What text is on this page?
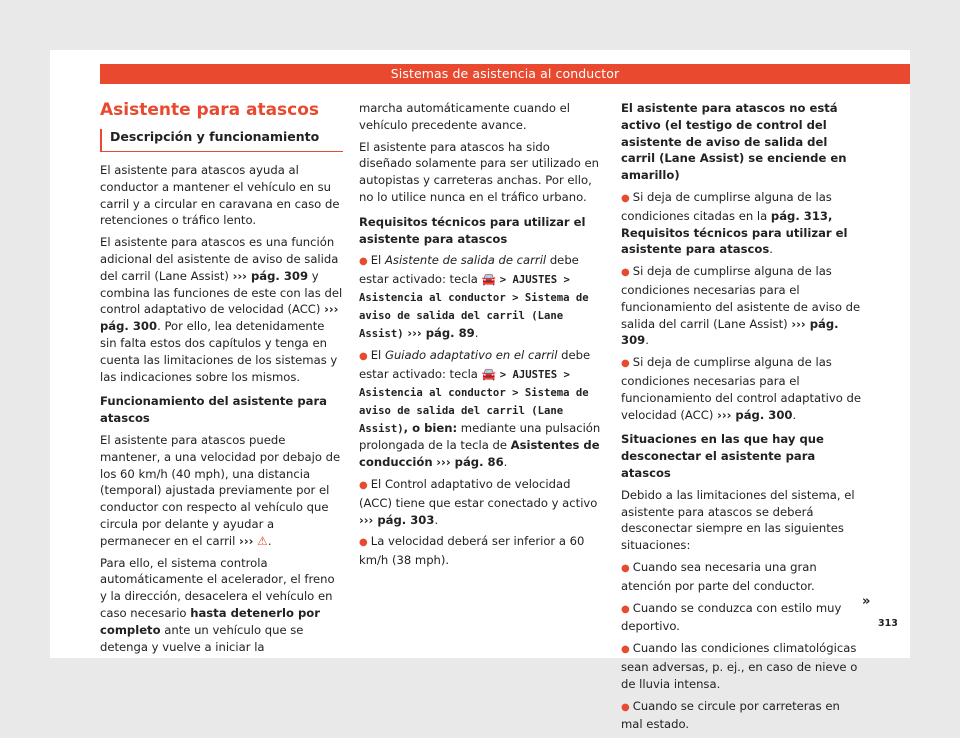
Sistemas de asistencia al conductor
Asistente para atascos
Descripción y funcionamiento

El asistente para atascos ayuda al conductor a mantener el vehículo en su carril y a circular en caravana en caso de retenciones o tráfico lento.

El asistente para atascos es una función adicional del asistente de aviso de salida del carril (Lane Assist) ››› pág. 309 y combina las funciones de este con las del control adaptativo de velocidad (ACC) ››› pág. 300. Por ello, lea detenidamente sin falta estos dos capítulos y tenga en cuenta las limitaciones de los sistemas y las indicaciones sobre los mismos.

Funcionamiento del asistente para atascos

El asistente para atascos puede mantener, a una velocidad por debajo de los 60 km/h (40 mph), una distancia (temporal) ajustada previamente por el conductor con respecto al vehículo que circula por delante y ayudar a permanecer en el carril ››› ⚠.

Para ello, el sistema controla automáticamente el acelerador, el freno y la dirección, desacelera el vehículo en caso necesario hasta detenerlo por completo ante un vehículo que se detenga y vuelve a iniciar la

marcha automáticamente cuando el vehículo precedente avance.

El asistente para atascos ha sido diseñado solamente para ser utilizado en autopistas y carreteras anchas. Por ello, no lo utilice nunca en el tráfico urbano.

Requisitos técnicos para utilizar el asistente para atascos

● El Asistente de salida de carril debe estar activado: tecla 🚘 > AJUSTES > Asistencia al conductor > Sistema de aviso de salida del carril (Lane Assist) ››› pág. 89.

● El Guiado adaptativo en el carril debe estar activado: tecla 🚘 > AJUSTES > Asistencia al conductor > Sistema de aviso de salida del carril (Lane Assist), o bien: mediante una pulsación prolongada de la tecla de Asistentes de conducción ››› pág. 86.

● El Control adaptativo de velocidad (ACC) tiene que estar conectado y activo ››› pág. 303.

● La velocidad deberá ser inferior a 60 km/h (38 mph).

El asistente para atascos no está activo (el testigo de control del asistente de aviso de salida del carril (Lane Assist) se enciende en amarillo)

● Si deja de cumplirse alguna de las condiciones citadas en la pág. 313, Requisitos técnicos para utilizar el asistente para atascos.

● Si deja de cumplirse alguna de las condiciones necesarias para el funcionamiento del asistente de aviso de salida del carril (Lane Assist) ››› pág. 309.

● Si deja de cumplirse alguna de las condiciones necesarias para el funcionamiento del control adaptativo de velocidad (ACC) ››› pág. 300.

Situaciones en las que hay que desconectar el asistente para atascos

Debido a las limitaciones del sistema, el asistente para atascos se deberá desconectar siempre en las siguientes situaciones:

● Cuando sea necesaria una gran atención por parte del conductor.

● Cuando se conduzca con estilo muy deportivo.

● Cuando las condiciones climatológicas sean adversas, p. ej., en caso de nieve o de lluvia intensa.

● Cuando se circule por carreteras en mal estado.

»
313
